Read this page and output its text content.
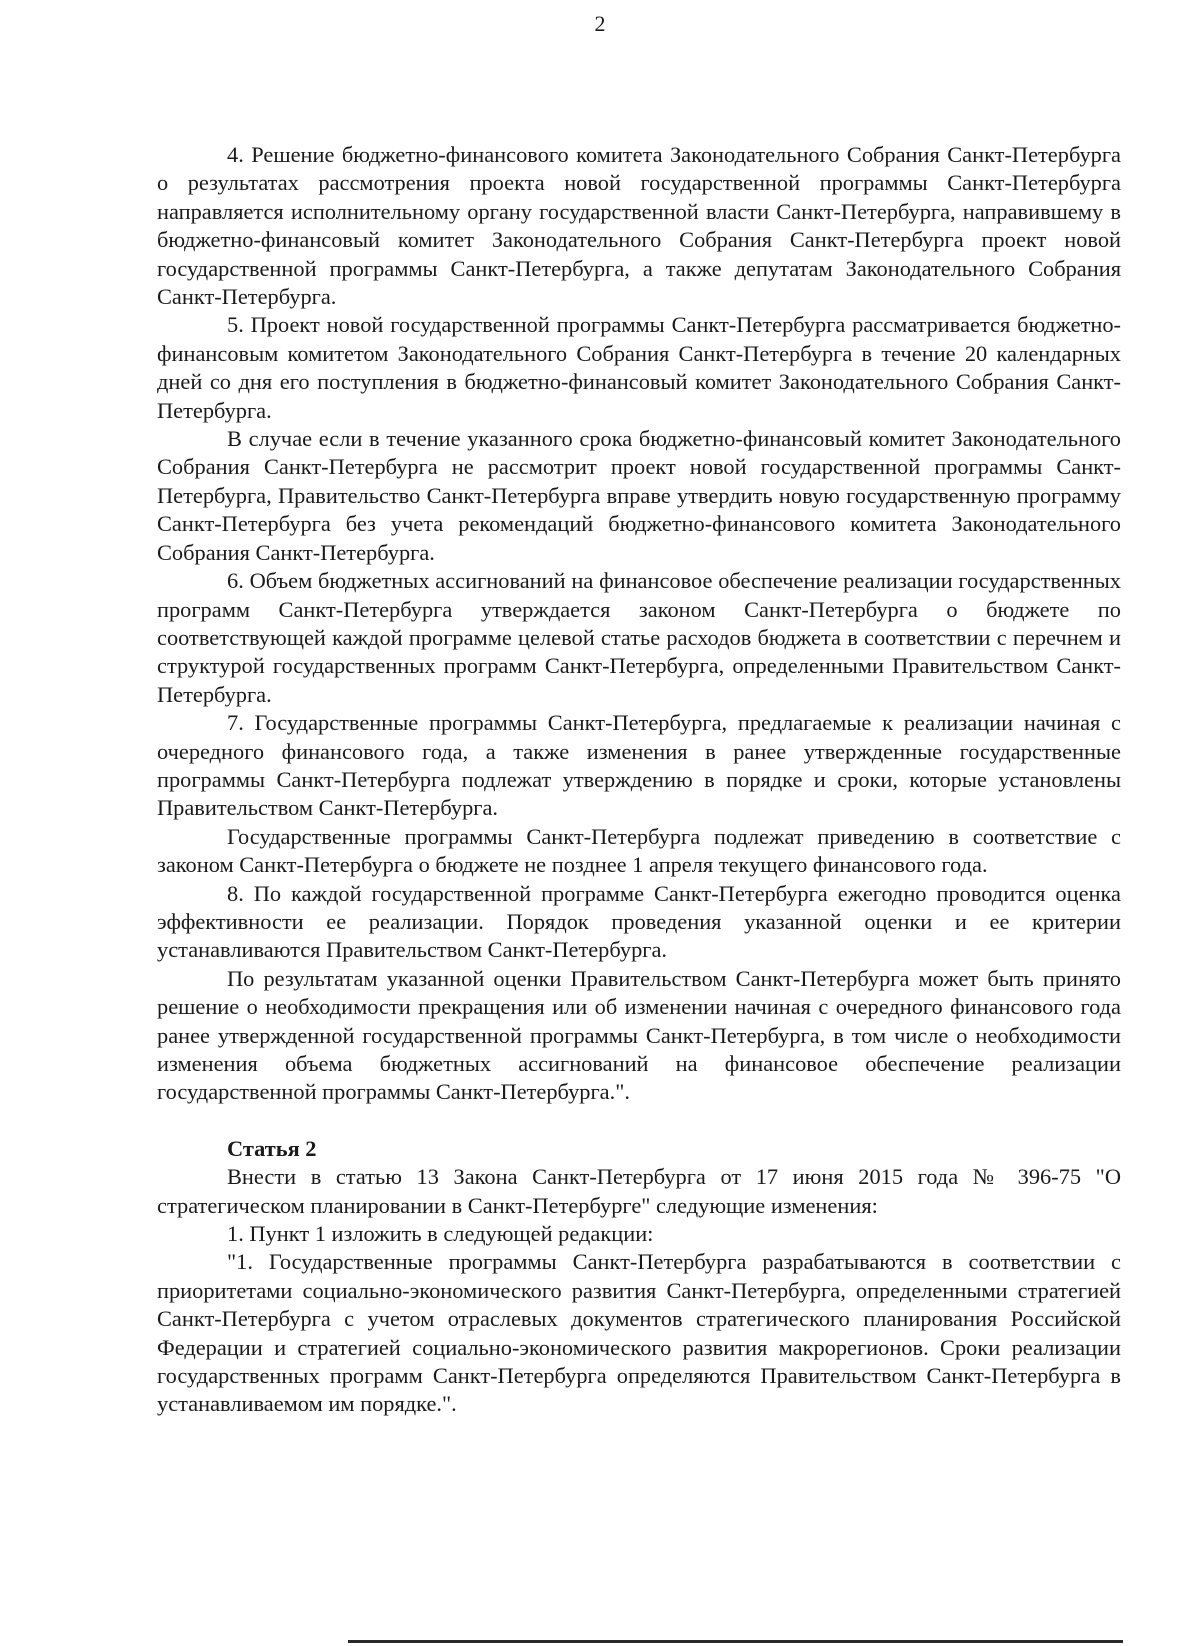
2

4. Решение бюджетно-финансового комитета Законодательного Собрания Санкт-Петербурга о результатах рассмотрения проекта новой государственной программы Санкт-Петербурга направляется исполнительному органу государственной власти Санкт-Петербурга, направившему в бюджетно-финансовый комитет Законодательного Собрания Санкт-Петербурга проект новой государственной программы Санкт-Петербурга, а также депутатам Законодательного Собрания Санкт-Петербурга.

5. Проект новой государственной программы Санкт-Петербурга рассматривается бюджетно-финансовым комитетом Законодательного Собрания Санкт-Петербурга в течение 20 календарных дней со дня его поступления в бюджетно-финансовый комитет Законодательного Собрания Санкт-Петербурга.

В случае если в течение указанного срока бюджетно-финансовый комитет Законодательного Собрания Санкт-Петербурга не рассмотрит проект новой государственной программы Санкт-Петербурга, Правительство Санкт-Петербурга вправе утвердить новую государственную программу Санкт-Петербурга без учета рекомендаций бюджетно-финансового комитета Законодательного Собрания Санкт-Петербурга.

6. Объем бюджетных ассигнований на финансовое обеспечение реализации государственных программ Санкт-Петербурга утверждается законом Санкт-Петербурга о бюджете по соответствующей каждой программе целевой статье расходов бюджета в соответствии с перечнем и структурой государственных программ Санкт-Петербурга, определенными Правительством Санкт-Петербурга.

7. Государственные программы Санкт-Петербурга, предлагаемые к реализации начиная с очередного финансового года, а также изменения в ранее утвержденные государственные программы Санкт-Петербурга подлежат утверждению в порядке и сроки, которые установлены Правительством Санкт-Петербурга.

Государственные программы Санкт-Петербурга подлежат приведению в соответствие с законом Санкт-Петербурга о бюджете не позднее 1 апреля текущего финансового года.

8. По каждой государственной программе Санкт-Петербурга ежегодно проводится оценка эффективности ее реализации. Порядок проведения указанной оценки и ее критерии устанавливаются Правительством Санкт-Петербурга.

По результатам указанной оценки Правительством Санкт-Петербурга может быть принято решение о необходимости прекращения или об изменении начиная с очередного финансового года ранее утвержденной государственной программы Санкт-Петербурга, в том числе о необходимости изменения объема бюджетных ассигнований на финансовое обеспечение реализации государственной программы Санкт-Петербурга.".

Статья 2

Внести в статью 13 Закона Санкт-Петербурга от 17 июня 2015 года № 396-75 "О стратегическом планировании в Санкт-Петербурге" следующие изменения:

1. Пункт 1 изложить в следующей редакции:

"1. Государственные программы Санкт-Петербурга разрабатываются в соответствии с приоритетами социально-экономического развития Санкт-Петербурга, определенными стратегией Санкт-Петербурга с учетом отраслевых документов стратегического планирования Российской Федерации и стратегией социально-экономического развития макрорегионов. Сроки реализации государственных программ Санкт-Петербурга определяются Правительством Санкт-Петербурга в устанавливаемом им порядке.".
